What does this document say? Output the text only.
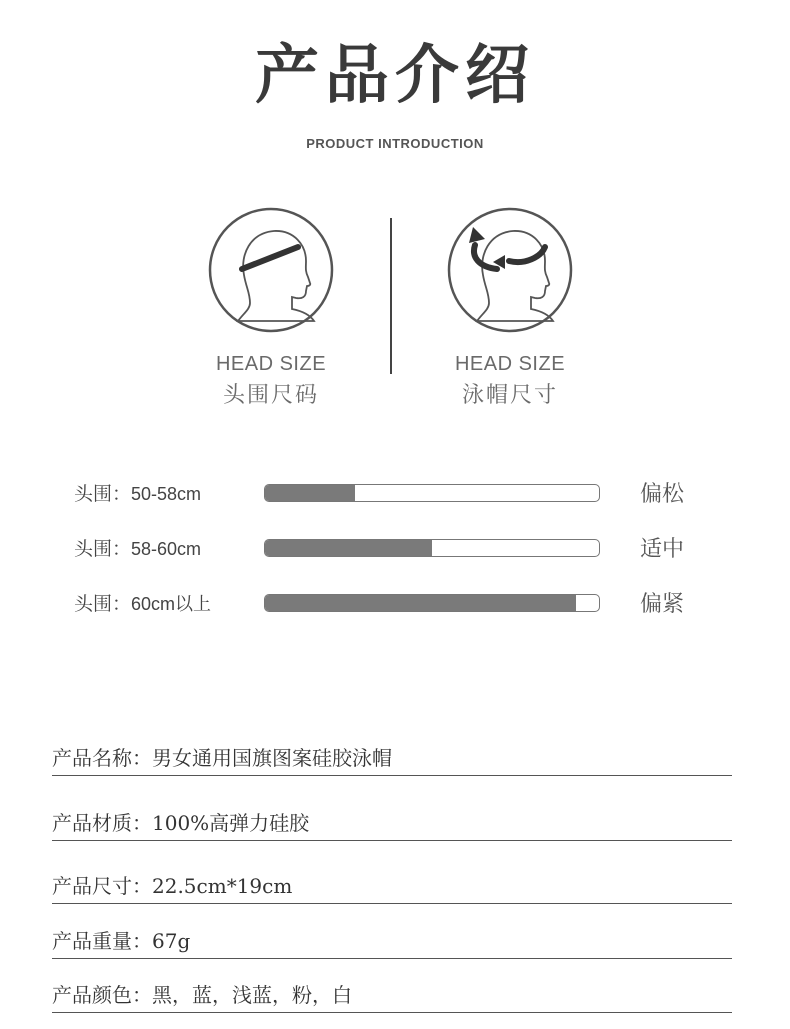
产品介绍
PRODUCT INTRODUCTION
HEAD SIZE
头围尺码
HEAD SIZE
泳帽尺寸
头围：50-58cm	偏松
头围：58-60cm	适中
头围：60cm以上	偏紧
产品名称：男女通用国旗图案硅胶泳帽
产品材质：100%高弹力硅胶
产品尺寸：22.5cm*19cm
产品重量：67g
产品颜色：黑，蓝，浅蓝，粉，白
